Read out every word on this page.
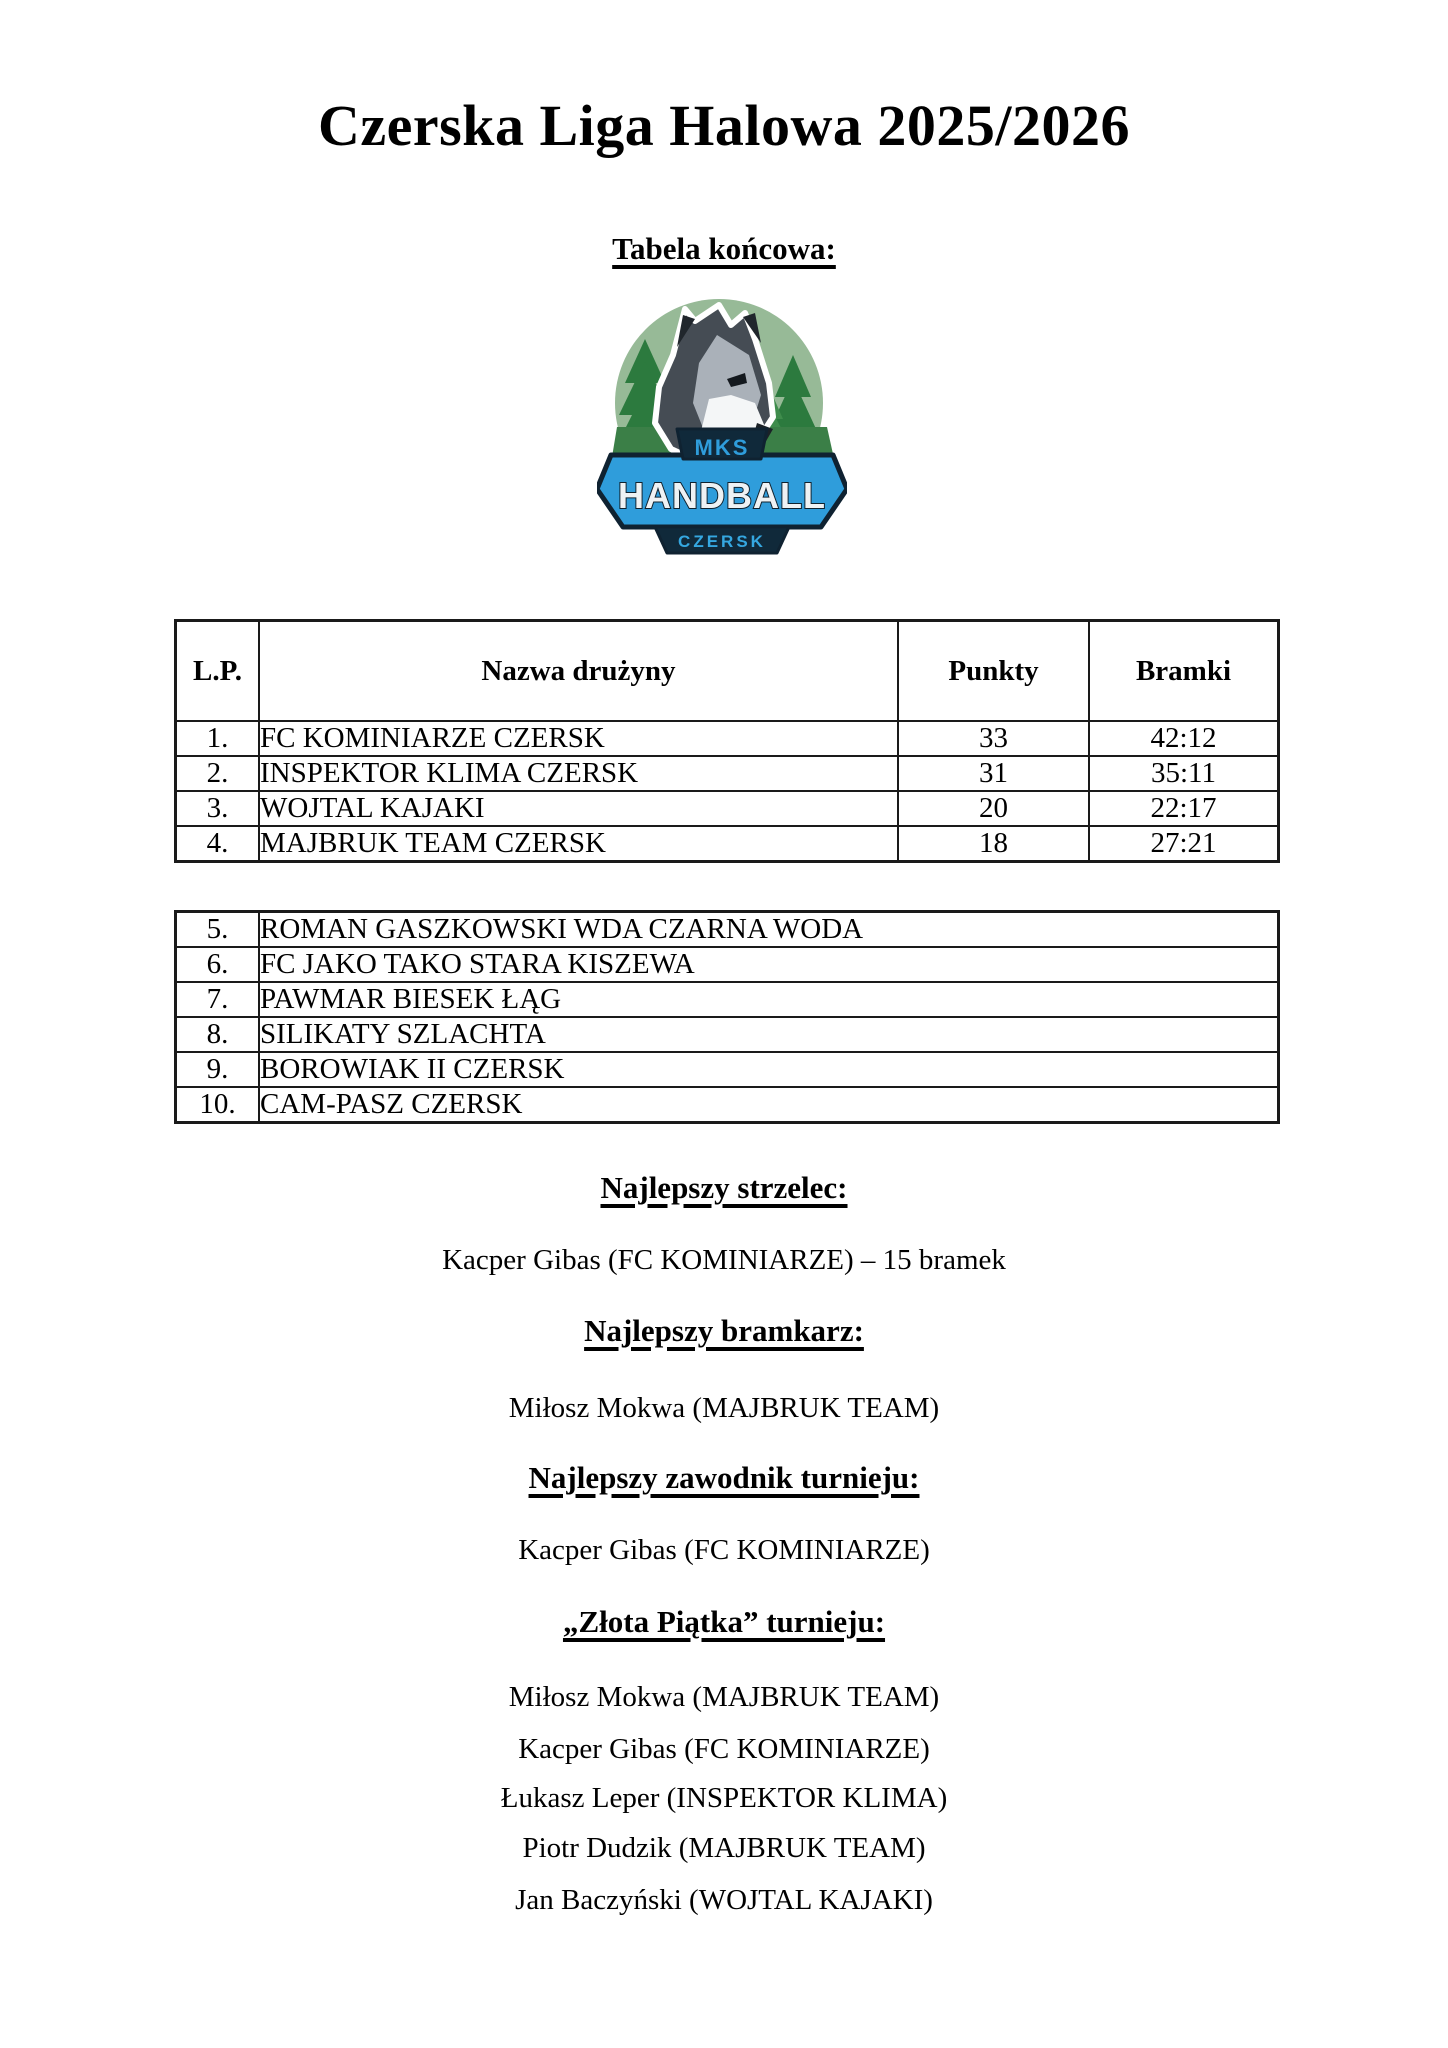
Czerska Liga Halowa 2025/2026
Tabela końcowa:
MKS
HANDBALL
CZERSK
L.P.	Nazwa drużyny	Punkty	Bramki
1.	FC KOMINIARZE CZERSK	33	42:12
2.	INSPEKTOR KLIMA CZERSK	31	35:11
3.	WOJTAL KAJAKI	20	22:17
4.	MAJBRUK TEAM CZERSK	18	27:21
5.	ROMAN GASZKOWSKI WDA CZARNA WODA
6.	FC JAKO TAKO STARA KISZEWA
7.	PAWMAR BIESEK ŁĄG
8.	SILIKATY SZLACHTA
9.	BOROWIAK II CZERSK
10.	CAM-PASZ CZERSK
Najlepszy strzelec:
Kacper Gibas (FC KOMINIARZE) – 15 bramek
Najlepszy bramkarz:
Miłosz Mokwa (MAJBRUK TEAM)
Najlepszy zawodnik turnieju:
Kacper Gibas (FC KOMINIARZE)
„Złota Piątka” turnieju:
Miłosz Mokwa (MAJBRUK TEAM)
Kacper Gibas (FC KOMINIARZE)
Łukasz Leper (INSPEKTOR KLIMA)
Piotr Dudzik (MAJBRUK TEAM)
Jan Baczyński (WOJTAL KAJAKI)
